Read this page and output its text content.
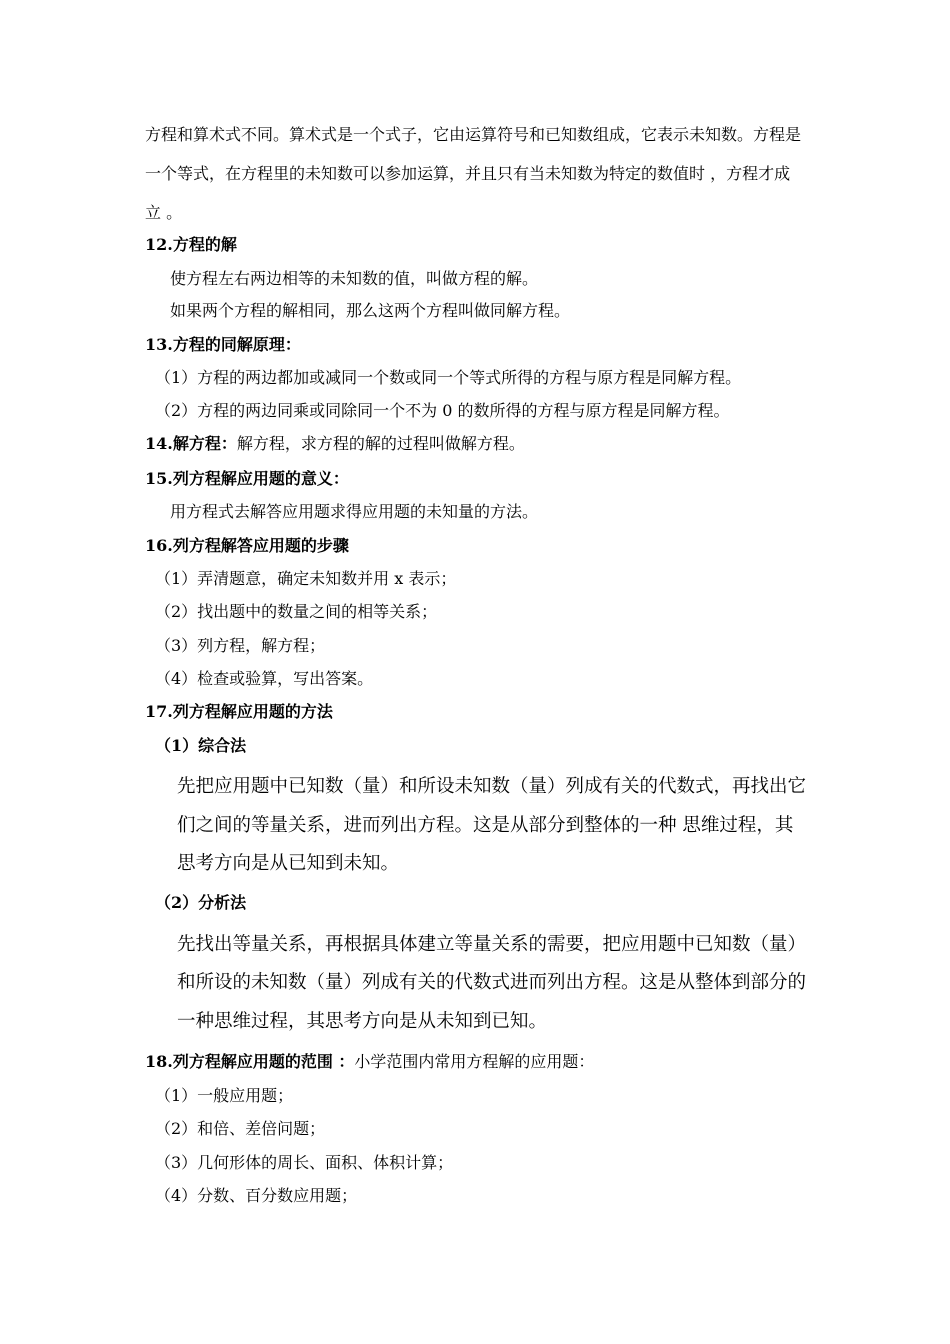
方程和算术式不同。算术式是一个式子，它由运算符号和已知数组成，它表示未知数。方程是
一个等式，在方程里的未知数可以参加运算，并且只有当未知数为特定的数值时 ，方程才成
立 。
12.方程的解
使方程左右两边相等的未知数的值，叫做方程的解。
如果两个方程的解相同，那么这两个方程叫做同解方程。
13.方程的同解原理：
（1）方程的两边都加或减同一个数或同一个等式所得的方程与原方程是同解方程。
（2）方程的两边同乘或同除同一个不为 0 的数所得的方程与原方程是同解方程。
14.解方程：解方程，求方程的解的过程叫做解方程。
15.列方程解应用题的意义：
用方程式去解答应用题求得应用题的未知量的方法。
16.列方程解答应用题的步骤
（1）弄清题意，确定未知数并用 x 表示；
（2）找出题中的数量之间的相等关系；
（3）列方程，解方程；
（4）检查或验算，写出答案。
17.列方程解应用题的方法
（1）综合法
先把应用题中已知数（量）和所设未知数（量）列成有关的代数式，再找出它
们之间的等量关系，进而列出方程。这是从部分到整体的一种 思维过程，其
思考方向是从已知到未知。
（2）分析法
先找出等量关系，再根据具体建立等量关系的需要，把应用题中已知数（量）
和所设的未知数（量）列成有关的代数式进而列出方程。这是从整体到部分的
一种思维过程，其思考方向是从未知到已知。
18.列方程解应用题的范围 ：小学范围内常用方程解的应用题：
（1）一般应用题；
（2）和倍、差倍问题；
（3）几何形体的周长、面积、体积计算；
（4）分数、百分数应用题；
